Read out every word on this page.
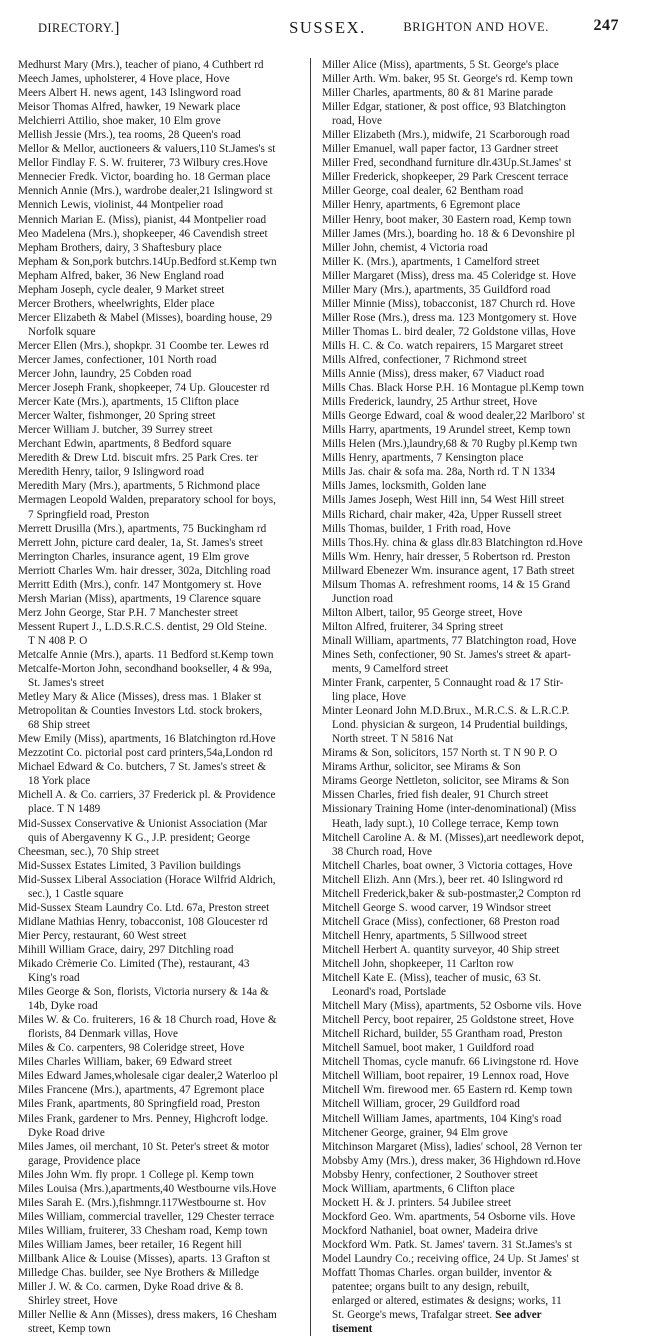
DIRECTORY.]	SUSSEX.	BRIGHTON AND HOVE.	247

Medhurst Mary (Mrs.), teacher of piano, 4 Cuthbert rd

Meech James, upholsterer, 4 Hove place, Hove

Meers Albert H. news agent, 143 Islingword road

Meisor Thomas Alfred, hawker, 19 Newark place

Melchierri Attilio, shoe maker, 10 Elm grove

Mellish Jessie (Mrs.), tea rooms, 28 Queen's road

Mellor & Mellor, auctioneers & valuers,110 St.James's st

Mellor Findlay F. S. W. fruiterer, 73 Wilbury cres.Hove

Mennecier Fredk. Victor, boarding ho. 18 German place

Mennich Annie (Mrs.), wardrobe dealer,21 Islingword st

Mennich Lewis, violinist, 44 Montpelier road

Mennich Marian E. (Miss), pianist, 44 Montpelier road

Meo Madelena (Mrs.), shopkeeper, 46 Cavendish street

Mepham Brothers, dairy, 3 Shaftesbury place

Mepham & Son,pork butchrs.14Up.Bedford st.Kemp twn

Mepham Alfred, baker, 36 New England road

Mepham Joseph, cycle dealer, 9 Market street

Mercer Brothers, wheelwrights, Elder place

Mercer Elizabeth & Mabel (Misses), boarding house, 29
Norfolk square

Mercer Ellen (Mrs.), shopkpr. 31 Coombe ter. Lewes rd

Mercer James, confectioner, 101 North road

Mercer John, laundry, 25 Cobden road

Mercer Joseph Frank, shopkeeper, 74 Up. Gloucester rd

Mercer Kate (Mrs.), apartments, 15 Clifton place

Mercer Walter, fishmonger, 20 Spring street

Mercer William J. butcher, 39 Surrey street

Merchant Edwin, apartments, 8 Bedford square

Meredith & Drew Ltd. biscuit mfrs. 25 Park Cres. ter

Meredith Henry, tailor, 9 Islingword road

Meredith Mary (Mrs.), apartments, 5 Richmond place

Mermagen Leopold Walden, preparatory school for boys,
7 Springfield road, Preston

Merrett Drusilla (Mrs.), apartments, 75 Buckingham rd

Merrett John, picture card dealer, 1a, St. James's street

Merrington Charles, insurance agent, 19 Elm grove

Merriott Charles Wm. hair dresser, 302a, Ditchling road

Merritt Edith (Mrs.), confr. 147 Montgomery st. Hove

Mersh Marian (Miss), apartments, 19 Clarence square

Merz John George, Star P.H. 7 Manchester street

Messent Rupert J., L.D.S.R.C.S. dentist, 29 Old Steine.
T N 408 P. O

Metcalfe Annie (Mrs.), aparts. 11 Bedford st.Kemp town

Metcalfe-Morton John, secondhand bookseller, 4 & 99a,
St. James's street

Metley Mary & Alice (Misses), dress mas. 1 Blaker st

Metropolitan & Counties Investors Ltd. stock brokers,
68 Ship street

Mew Emily (Miss), apartments, 16 Blatchington rd.Hove

Mezzotint Co. pictorial post card printers,54a,London rd

Michael Edward & Co. butchers, 7 St. James's street &
18 York place

Michell A. & Co. carriers, 37 Frederick pl. & Providence
place. T N 1489

Mid-Sussex Conservative & Unionist Association (Mar
quis of Abergavenny K G., J.P. president; George
Cheesman, sec.), 70 Ship street

Mid-Sussex Estates Limited, 3 Pavilion buildings

Mid-Sussex Liberal Association (Horace Wilfrid Aldrich,
sec.), 1 Castle square

Mid-Sussex Steam Laundry Co. Ltd. 67a, Preston street

Midlane Mathias Henry, tobacconist, 108 Gloucester rd

Mier Percy, restaurant, 60 West street

Mihill William Grace, dairy, 297 Ditchling road

Mikado Crèmerie Co. Limited (The), restaurant, 43
King's road

Miles George & Son, florists, Victoria nursery & 14a &
14b, Dyke road

Miles W. & Co. fruiterers, 16 & 18 Church road, Hove &
florists, 84 Denmark villas, Hove

Miles & Co. carpenters, 98 Coleridge street, Hove

Miles Charles William, baker, 69 Edward street

Miles Edward James,wholesale cigar dealer,2 Waterloo pl

Miles Francene (Mrs.), apartments, 47 Egremont place

Miles Frank, apartments, 80 Springfield road, Preston

Miles Frank, gardener to Mrs. Penney, Highcroft lodge.
Dyke Road drive

Miles James, oil merchant, 10 St. Peter's street & motor
garage, Providence place

Miles John Wm. fly propr. 1 College pl. Kemp town

Miles Louisa (Mrs.),apartments,40 Westbourne vils.Hove

Miles Sarah E. (Mrs.),fishmngr.117Westbourne st. Hov

Miles William, commercial traveller, 129 Chester terrace

Miles William, fruiterer, 33 Chesham road, Kemp town

Miles William James, beer retailer, 16 Regent hill

Millbank Alice & Louise (Misses), aparts. 13 Grafton st

Milledge Chas. builder, see Nye Brothers & Milledge

Miller J. W. & Co. carmen, Dyke Road drive & 8.
Shirley street, Hove

Miller Nellie & Ann (Misses), dress makers, 16 Chesham
street, Kemp town

Miller Alice (Miss), apartments, 5 St. George's place

Miller Arth. Wm. baker, 95 St. George's rd. Kemp town

Miller Charles, apartments, 80 & 81 Marine parade

Miller Edgar, stationer, & post office, 93 Blatchington
road, Hove

Miller Elizabeth (Mrs.), midwife, 21 Scarborough road

Miller Emanuel, wall paper factor, 13 Gardner street

Miller Fred, secondhand furniture dlr.43Up.St.James' st

Miller Frederick, shopkeeper, 29 Park Crescent terrace

Miller George, coal dealer, 62 Bentham road

Miller Henry, apartments, 6 Egremont place

Miller Henry, boot maker, 30 Eastern road, Kemp town

Miller James (Mrs.), boarding ho. 18 & 6 Devonshire pl

Miller John, chemist, 4 Victoria road

Miller K. (Mrs.), apartments, 1 Camelford street

Miller Margaret (Miss), dress ma. 45 Coleridge st. Hove

Miller Mary (Mrs.), apartments, 35 Guildford road

Miller Minnie (Miss), tobacconist, 187 Church rd. Hove

Miller Rose (Mrs.), dress ma. 123 Montgomery st. Hove

Miller Thomas L. bird dealer, 72 Goldstone villas, Hove

Mills H. C. & Co. watch repairers, 15 Margaret street

Mills Alfred, confectioner, 7 Richmond street

Mills Annie (Miss), dress maker, 67 Viaduct road

Mills Chas. Black Horse P.H. 16 Montague pl.Kemp town

Mills Frederick, laundry, 25 Arthur street, Hove

Mills George Edward, coal & wood dealer,22 Marlboro' st

Mills Harry, apartments, 19 Arundel street, Kemp town

Mills Helen (Mrs.),laundry,68 & 70 Rugby pl.Kemp twn

Mills Henry, apartments, 7 Kensington place

Mills Jas. chair & sofa ma. 28a, North rd. T N 1334

Mills James, locksmith, Golden lane

Mills James Joseph, West Hill inn, 54 West Hill street

Mills Richard, chair maker, 42a, Upper Russell street

Mills Thomas, builder, 1 Frith road, Hove

Mills Thos.Hy. china & glass dlr.83 Blatchington rd.Hove

Mills Wm. Henry, hair dresser, 5 Robertson rd. Preston

Millward Ebenezer Wm. insurance agent, 17 Bath street

Milsum Thomas A. refreshment rooms, 14 & 15 Grand
Junction road

Milton Albert, tailor, 95 George street, Hove

Milton Alfred, fruiterer, 34 Spring street

Minall William, apartments, 77 Blatchington road, Hove

Mines Seth, confectioner, 90 St. James's street & apart-
ments, 9 Camelford street

Minter Frank, carpenter, 5 Connaught road & 17 Stir-
ling place, Hove

Minter Leonard John M.D.Brux., M.R.C.S. & L.R.C.P.
Lond. physician & surgeon, 14 Prudential buildings,
North street. T N 5816 Nat

Mirams & Son, solicitors, 157 North st. T N 90 P. O

Mirams Arthur, solicitor, see Mirams & Son

Mirams George Nettleton, solicitor, see Mirams & Son

Missen Charles, fried fish dealer, 91 Church street

Missionary Training Home (inter-denominational) (Miss
Heath, lady supt.), 10 College terrace, Kemp town

Mitchell Caroline A. & M. (Misses),art needlework depot,
38 Church road, Hove

Mitchell Charles, boat owner, 3 Victoria cottages, Hove

Mitchell Elizh. Ann (Mrs.), beer ret. 40 Islingword rd

Mitchell Frederick,baker & sub-postmaster,2 Compton rd

Mitchell George S. wood carver, 19 Windsor street

Mitchell Grace (Miss), confectioner, 68 Preston road

Mitchell Henry, apartments, 5 Sillwood street

Mitchell Herbert A. quantity surveyor, 40 Ship street

Mitchell John, shopkeeper, 11 Carlton row

Mitchell Kate E. (Miss), teacher of music, 63 St.
Leonard's road, Portslade

Mitchell Mary (Miss), apartments, 52 Osborne vils. Hove

Mitchell Percy, boot repairer, 25 Goldstone street, Hove

Mitchell Richard, builder, 55 Grantham road, Preston

Mitchell Samuel, boot maker, 1 Guildford road

Mitchell Thomas, cycle manufr. 66 Livingstone rd. Hove

Mitchell William, boot repairer, 19 Lennox road, Hove

Mitchell Wm. firewood mer. 65 Eastern rd. Kemp town

Mitchell William, grocer, 29 Guildford road

Mitchell William James, apartments, 104 King's road

Mitchener George, grainer, 94 Elm grove

Mitchinson Margaret (Miss), ladies' school, 28 Vernon ter

Mobsby Amy (Mrs.), dress maker, 36 Highdown rd.Hove

Mobsby Henry, confectioner, 2 Southover street

Mock William, apartments, 6 Clifton place

Mockett H. & J. printers. 54 Jubilee street

Mockford Geo. Wm. apartments, 54 Osborne vils. Hove

Mockford Nathaniel, boat owner, Madeira drive

Mockford Wm. Patk. St. James' tavern. 31 St.James's st

Model Laundry Co.; receiving office, 24 Up. St James' st

Moffatt Thomas Charles. organ builder, inventor &
patentee; organs built to any design, rebuilt,
enlarged or altered, estimates & designs; works, 11
St. George's mews, Trafalgar street. See adver
tisement
